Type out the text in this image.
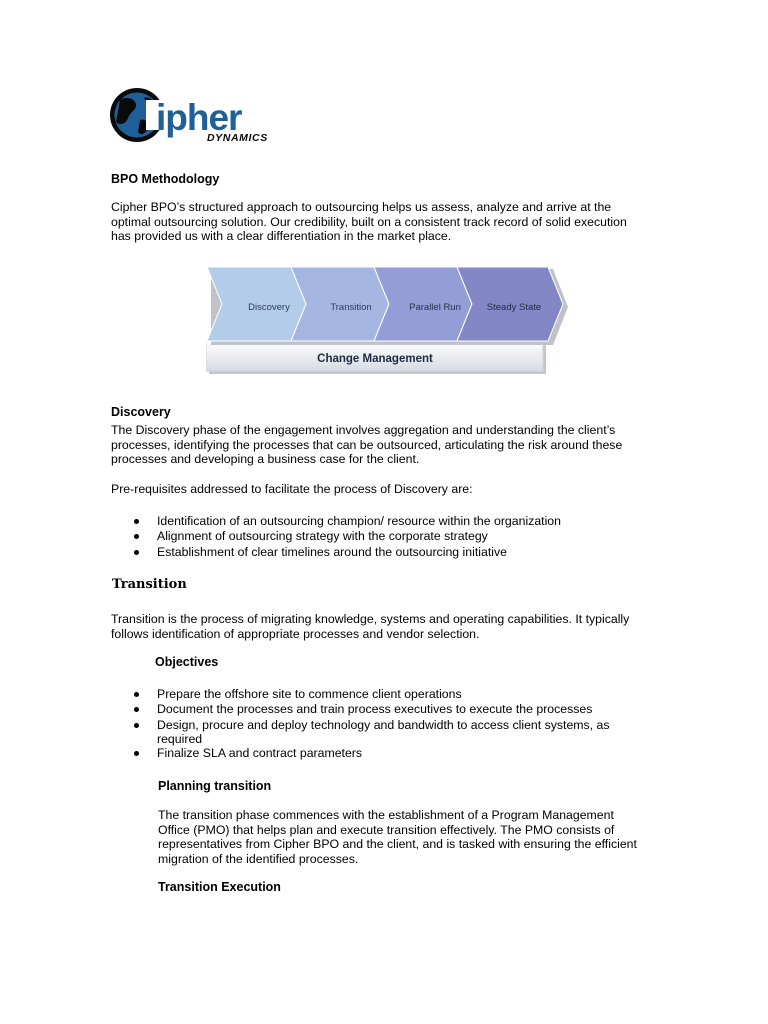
ipher
DYNAMICS
BPO Methodology
Cipher BPO’s structured approach to outsourcing helps us assess, analyze and arrive at the
optimal outsourcing solution. Our credibility, built on a consistent track record of solid execution
has provided us with a clear differentiation in the market place.
Change Management
Discovery	Transition	Parallel Run	Steady State
Discovery
The Discovery phase of the engagement involves aggregation and understanding the client’s
processes, identifying the processes that can be outsourced, articulating the risk around these
processes and developing a business case for the client.
Pre-requisites addressed to facilitate the process of Discovery are:
Identification of an outsourcing champion/ resource within the organization
Alignment of outsourcing strategy with the corporate strategy
Establishment of clear timelines around the outsourcing initiative
Transition
Transition is the process of migrating knowledge, systems and operating capabilities. It typically
follows identification of appropriate processes and vendor selection.
Objectives
Prepare the offshore site to commence client operations
Document the processes and train process executives to execute the processes
Design, procure and deploy technology and bandwidth to access client systems, as
required
Finalize SLA and contract parameters
Planning transition
The transition phase commences with the establishment of a Program Management
Office (PMO) that helps plan and execute transition effectively. The PMO consists of
representatives from Cipher BPO and the client, and is tasked with ensuring the efficient
migration of the identified processes.
Transition Execution
